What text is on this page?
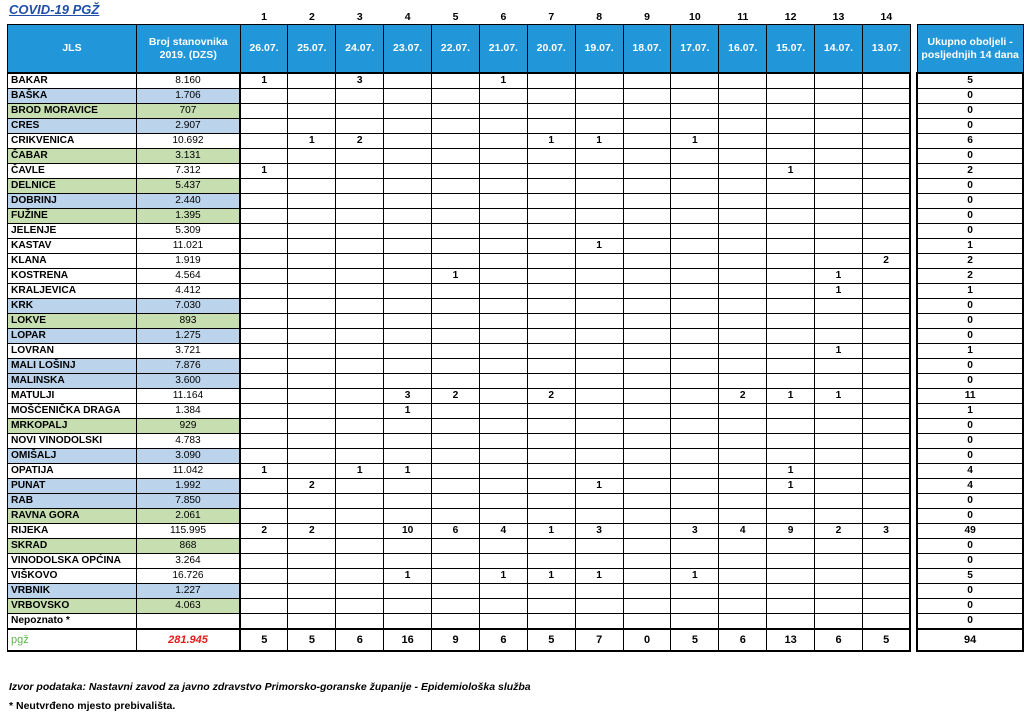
COVID-19 PGŽ
			1	2	3	4	5	6	7	8	9	10	11	12	13	14		
JLS	Broj stanovnika 2019. (DZS)	26.07.	25.07.	24.07.	23.07.	22.07.	21.07.	20.07.	19.07.	18.07.	17.07.	16.07.	15.07.	14.07.	13.07.		Ukupno oboljeli - posljednjih 14 dana
BAKAR	8.160	1		3			1										5
BAŠKA	1.706																0
BROD MORAVICE	707																0
CRES	2.907																0
CRIKVENICA	10.692		1	2				1	1		1						6
ČABAR	3.131																0
ČAVLE	7.312	1											1				2
DELNICE	5.437																0
DOBRINJ	2.440																0
FUŽINE	1.395																0
JELENJE	5.309																0
KASTAV	11.021								1								1
KLANA	1.919														2		2
KOSTRENA	4.564					1								1			2
KRALJEVICA	4.412													1			1
KRK	7.030																0
LOKVE	893																0
LOPAR	1.275																0
LOVRAN	3.721													1			1
MALI LOŠINJ	7.876																0
MALINSKA	3.600																0
MATULJI	11.164				3	2		2				2	1	1			11
MOŠĆENIČKA DRAGA	1.384				1												1
MRKOPALJ	929																0
NOVI VINODOLSKI	4.783																0
OMIŠALJ	3.090																0
OPATIJA	11.042	1		1	1								1				4
PUNAT	1.992		2						1				1				4
RAB	7.850																0
RAVNA GORA	2.061																0
RIJEKA	115.995	2	2		10	6	4	1	3		3	4	9	2	3		49
SKRAD	868																0
VINODOLSKA OPĆINA	3.264																0
VIŠKOVO	16.726				1		1	1	1		1						5
VRBNIK	1.227																0
VRBOVSKO	4.063																0
Nepoznato *																	0
pgž	281.945	5	5	6	16	9	6	5	7	0	5	6	13	6	5		94
Izvor podataka: Nastavni zavod za javno zdravstvo Primorsko-goranske županije - Epidemiološka služba
* Neutvrđeno mjesto prebivališta.
